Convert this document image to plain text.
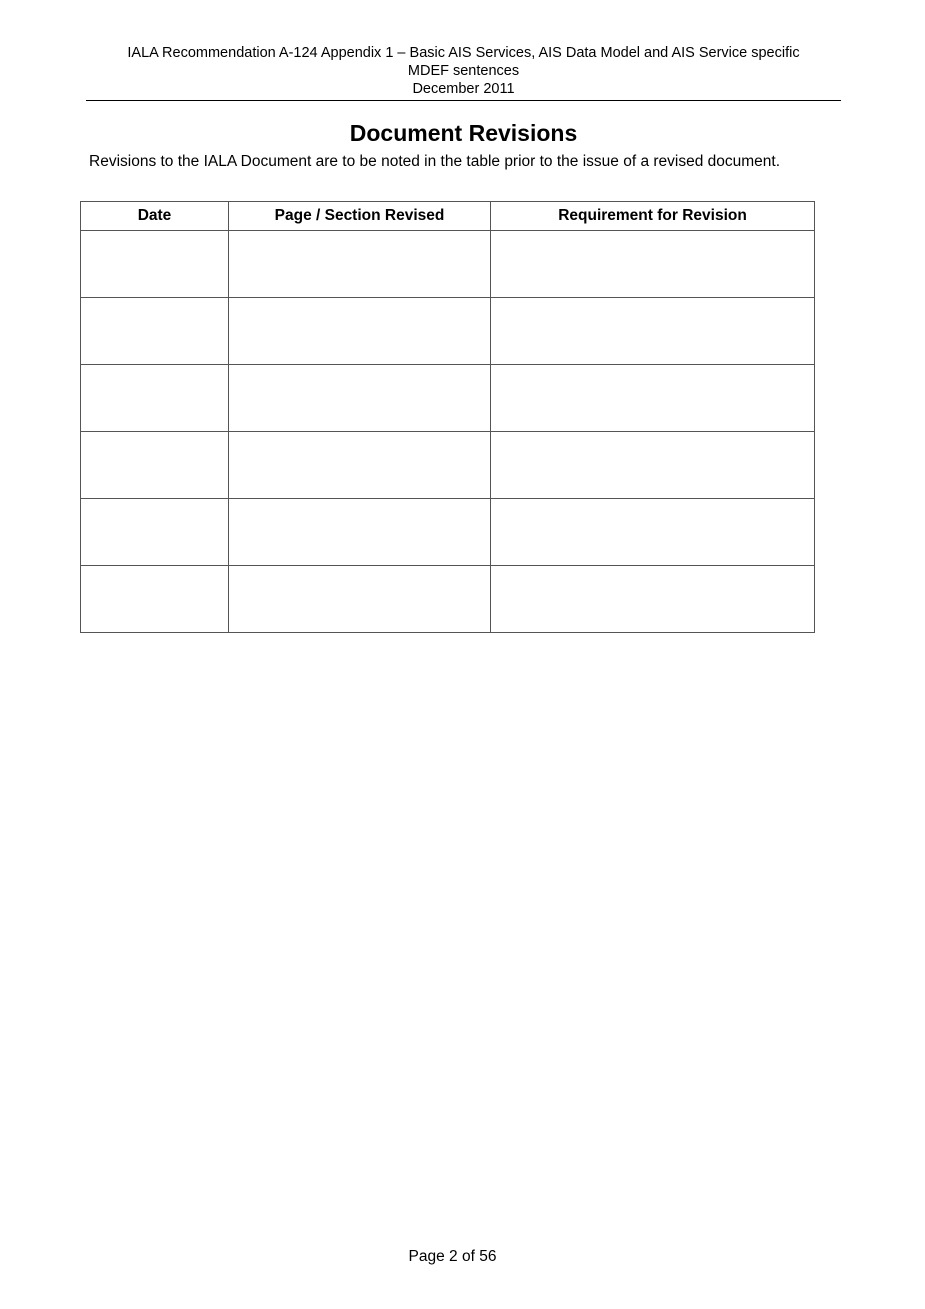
IALA Recommendation A-124 Appendix 1 – Basic AIS Services, AIS Data Model and AIS Service specific
MDEF sentences
December 2011
Document Revisions
Revisions to the IALA Document are to be noted in the table prior to the issue of a revised document.
Date	Page / Section Revised	Requirement for Revision

Page 2 of 56
